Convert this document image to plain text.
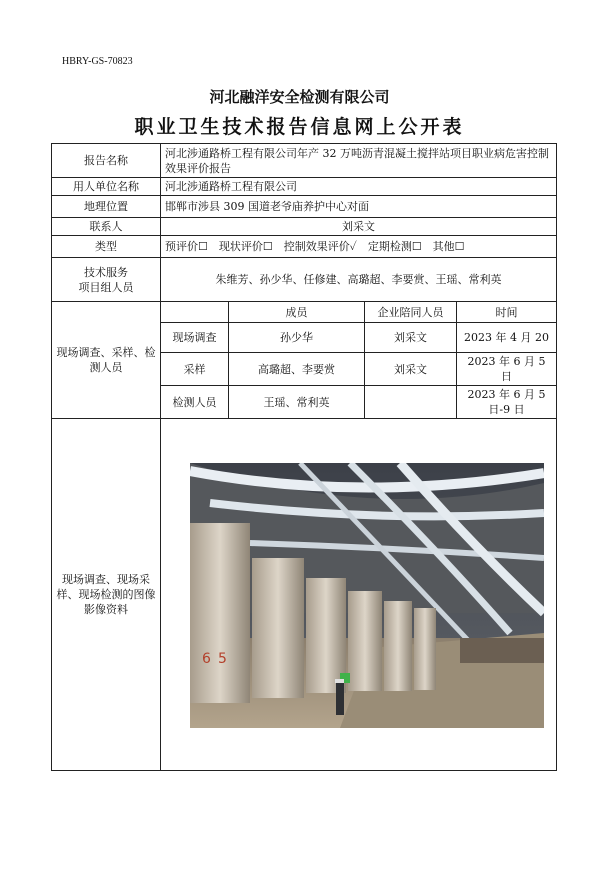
HBRY-GS-70823
河北融洋安全检测有限公司
职业卫生技术报告信息网上公开表
报告名称	河北涉通路桥工程有限公司年产 32 万吨沥青混凝土搅拌站项目职业病危害控制效果评价报告			
用人单位名称	河北涉通路桥工程有限公司			
地理位置	邯郸市涉县 309 国道老爷庙养护中心对面			
联系人	刘采文			
类型	预评价☐　现状评价☐　控制效果评价✓　定期检测☐　其他☐			

技术服务
项目组人员	朱维芳、孙少华、任修建、高璐超、李要赏、王瑶、常利英			
现场调查、采样、检测人员		成员	企业陪同人员	时间
	现场调查	孙少华	刘采文	2023 年 4 月 20
	采样	高璐超、李要赏	刘采文	2023 年 6 月 5 日
	检测人员	王瑶、常利英		2023 年 6 月 5 日-9 日
现场调查、现场采样、现场检测的图像影像资料	6 5			
